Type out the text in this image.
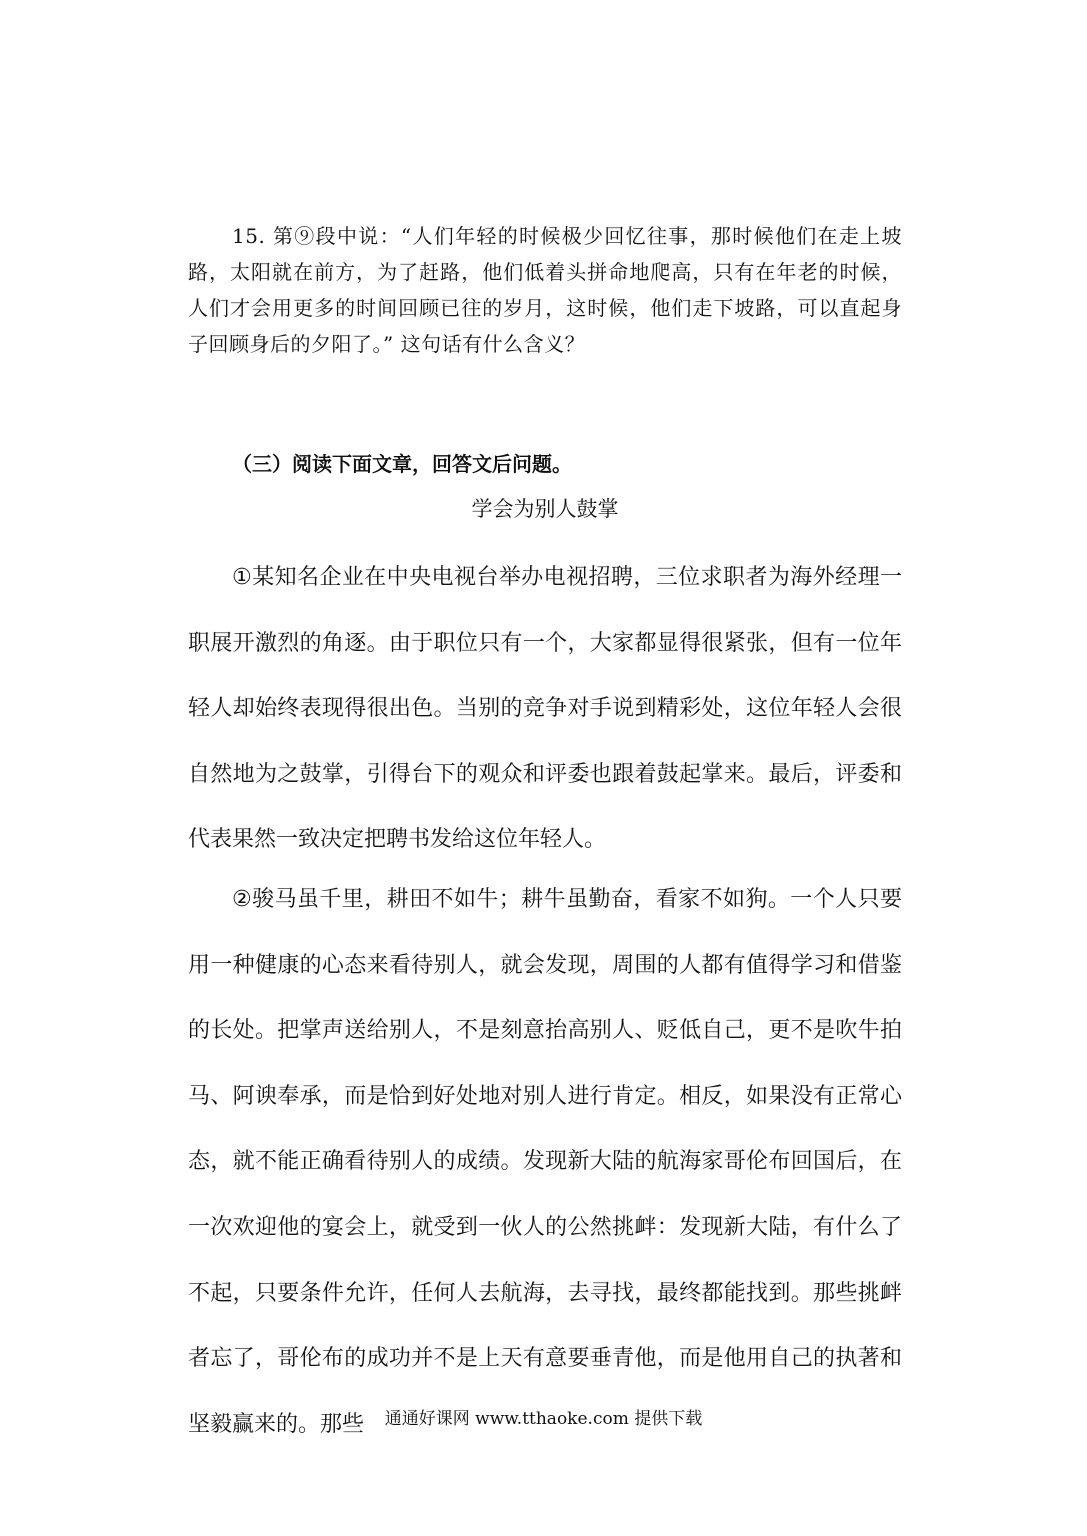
15. 第⑨段中说：“人们年轻的时候极少回忆往事，那时候他们在走上坡路，太阳就在前方，为了赶路，他们低着头拼命地爬高，只有在年老的时候，人们才会用更多的时间回顾已往的岁月，这时候，他们走下坡路，可以直起身子回顾身后的夕阳了。” 这句话有什么含义？

（三）阅读下面文章，回答文后问题。

学会为别人鼓掌

①某知名企业在中央电视台举办电视招聘，三位求职者为海外经理一职展开激烈的角逐。由于职位只有一个，大家都显得很紧张，但有一位年轻人却始终表现得很出色。当别的竞争对手说到精彩处，这位年轻人会很自然地为之鼓掌，引得台下的观众和评委也跟着鼓起掌来。最后，评委和代表果然一致决定把聘书发给这位年轻人。

②骏马虽千里，耕田不如牛；耕牛虽勤奋，看家不如狗。一个人只要用一种健康的心态来看待别人，就会发现，周围的人都有值得学习和借鉴的长处。把掌声送给别人，不是刻意抬高别人、贬低自己，更不是吹牛拍马、阿谀奉承，而是恰到好处地对别人进行肯定。相反，如果没有正常心态，就不能正确看待别人的成绩。发现新大陆的航海家哥伦布回国后，在一次欢迎他的宴会上，就受到一伙人的公然挑衅：发现新大陆，有什么了不起，只要条件允许，任何人去航海，去寻找，最终都能找到。那些挑衅者忘了，哥伦布的成功并不是上天有意要垂青他，而是他用自己的执著和坚毅赢来的。那些	通通好课网 www.tthaoke.com 提供下载
